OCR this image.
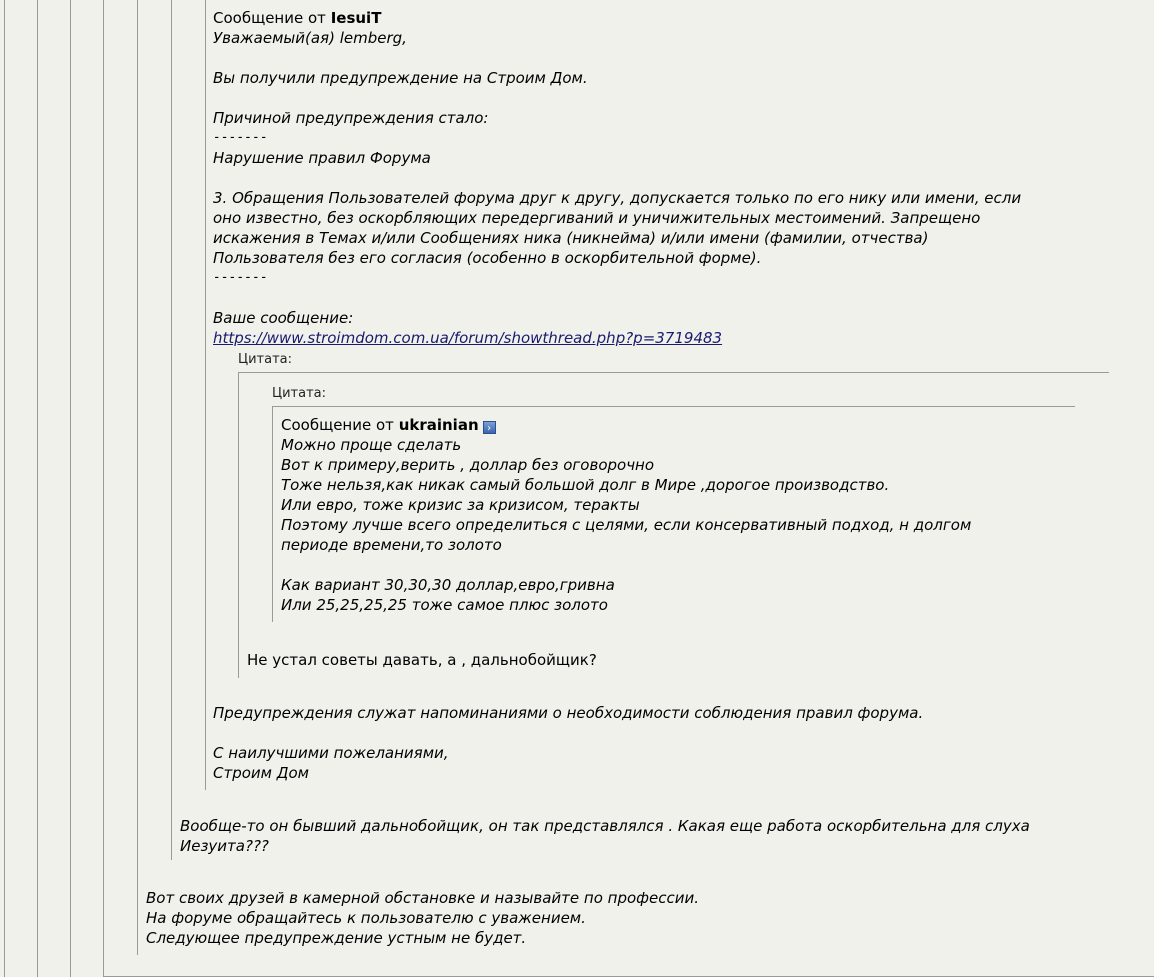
Сообщение от IesuiT
Уважаемый(ая) lemberg,
Вы получили предупреждение на Строим Дом.
Причиной предупреждения стало:
-------
Нарушение правил Форума
3. Обращения Пользователей форума друг к другу, допускается только по его нику или имени, если
оно известно, без оскорбляющих передергиваний и уничижительных местоимений. Запрещено
искажения в Темах и/или Сообщениях ника (никнейма) и/или имени (фамилии, отчества)
Пользователя без его согласия (особенно в оскорбительной форме).
-------
Ваше сообщение:
https://www.stroimdom.com.ua/forum/showthread.php?p=3719483
Цитата:
Цитата:
Сообщение от ukrainian ›
Можно проще сделать
Вот к примеру,верить , доллар без оговорочно
Тоже нельзя,как никак самый большой долг в Мире ,дорогое производство.
Или евро, тоже кризис за кризисом, теракты
Поэтому лучше всего определиться с целями, если консервативный подход, н долгом
периоде времени,то золото
Как вариант 30,30,30 доллар,евро,гривна
Или 25,25,25,25 тоже самое плюс золото
Не устал советы давать, а , дальнобойщик?
Предупреждения служат напоминаниями о необходимости соблюдения правил форума.
С наилучшими пожеланиями,
Строим Дом
Вообще-то он бывший дальнобойщик, он так представлялся . Какая еще работа оскорбительна для слуха
Иезуита???
Вот своих друзей в камерной обстановке и называйте по профессии.
На форуме обращайтесь к пользователю с уважением.
Следующее предупреждение устным не будет.
